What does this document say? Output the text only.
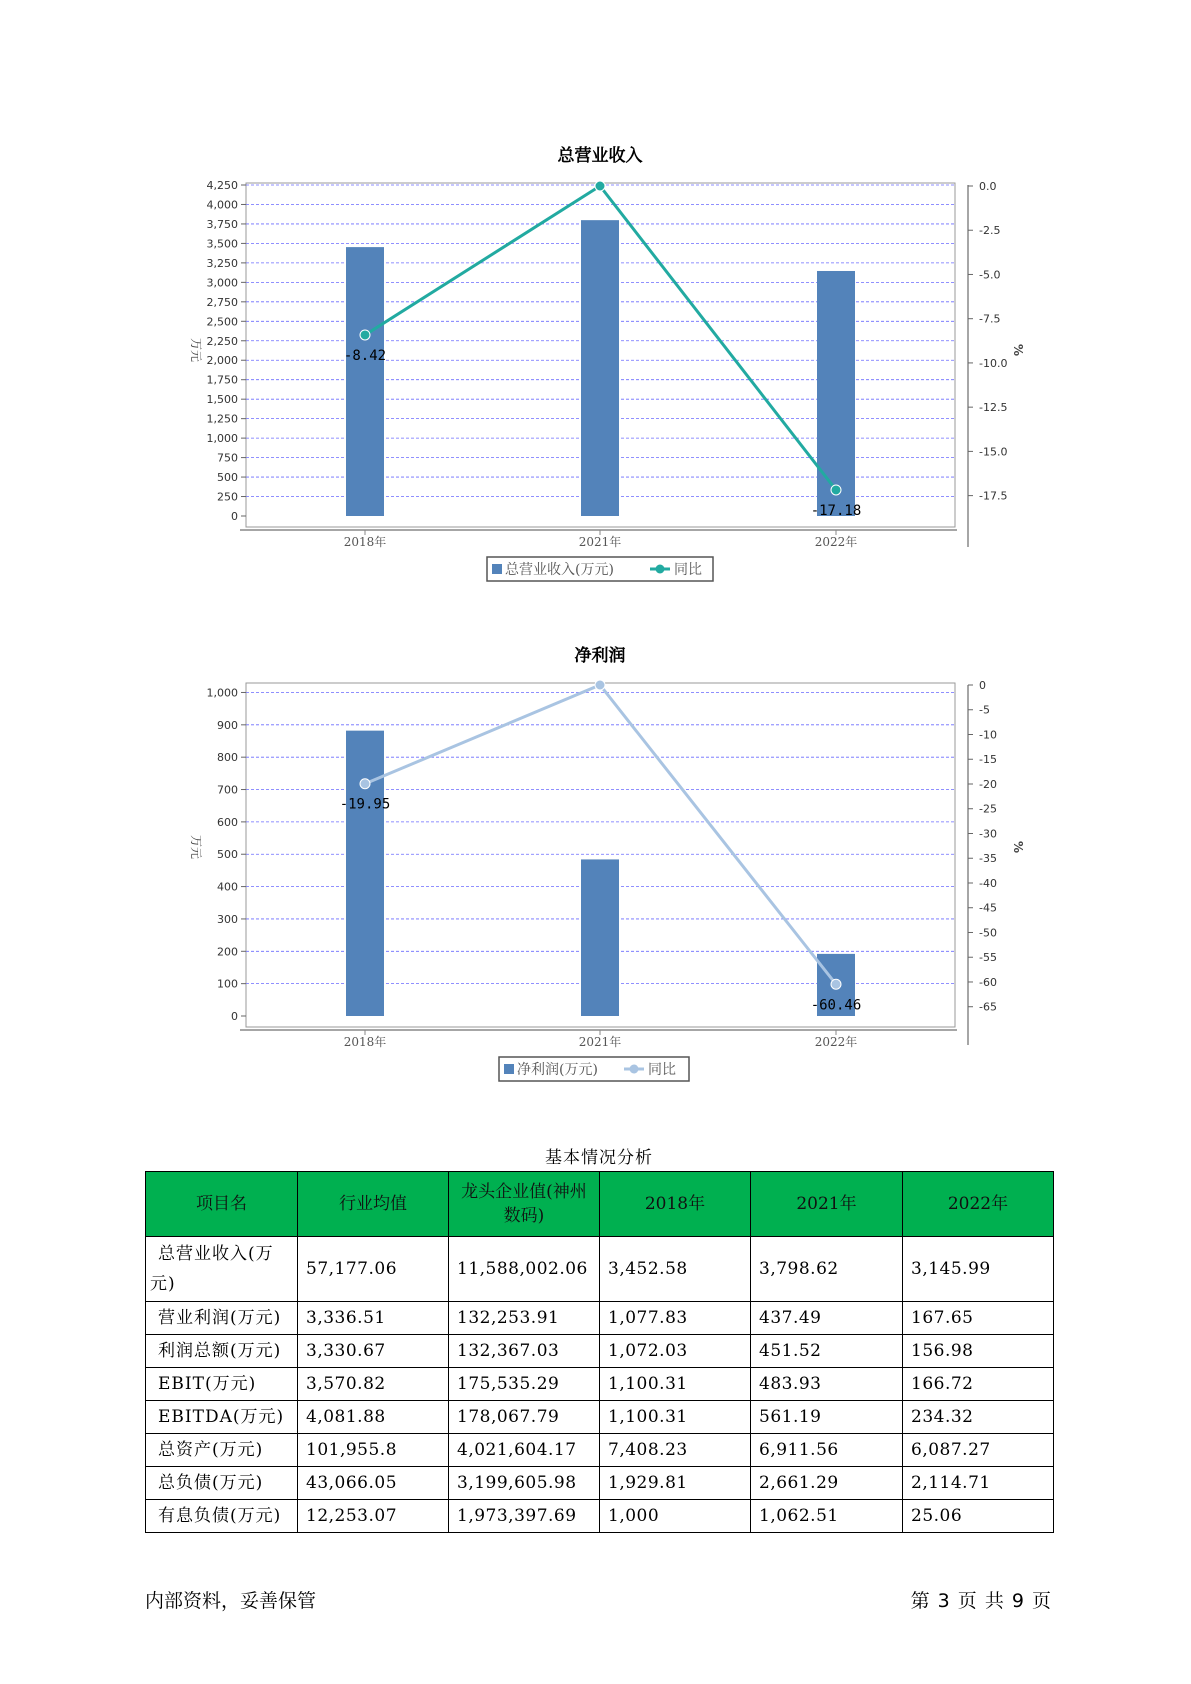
总营业收入
0
250
500
750
1,000
1,250
1,500
1,750
2,000
2,250
2,500
2,750
3,000
3,250
3,500
3,750
4,000
4,250	0.0
-2.5
-5.0
-7.5
-10.0
-12.5
-15.0
-17.5
万元	%
2018年	2021年	2022年
-8.42
-17.18
总营业收入(万元)	同比
净利润
0
100
200
300
400
500
600
700
800
900
1,000
0
-5
-10
-15
-20
-25
-30
-35
-40
-45
-50
-55
-60
-65
万元	%
2018年	2021年	2022年
-19.95
-60.46
净利润(万元)	同比
基本情况分析
项目名	行业均值	龙头企业值(神州数码)	2018年	2021年	2022年
总营业收入(万元)	57,177.06	11,588,002.06	3,452.58	3,798.62	3,145.99
营业利润(万元)	3,336.51	132,253.91	1,077.83	437.49	167.65
利润总额(万元)	3,330.67	132,367.03	1,072.03	451.52	156.98
EBIT(万元)	3,570.82	175,535.29	1,100.31	483.93	166.72
EBITDA(万元)	4,081.88	178,067.79	1,100.31	561.19	234.32
总资产(万元)	101,955.8	4,021,604.17	7,408.23	6,911.56	6,087.27
总负债(万元)	43,066.05	3,199,605.98	1,929.81	2,661.29	2,114.71
有息负债(万元)	12,253.07	1,973,397.69	1,000	1,062.51	25.06
内部资料，妥善保管	第 3 页 共 9 页
